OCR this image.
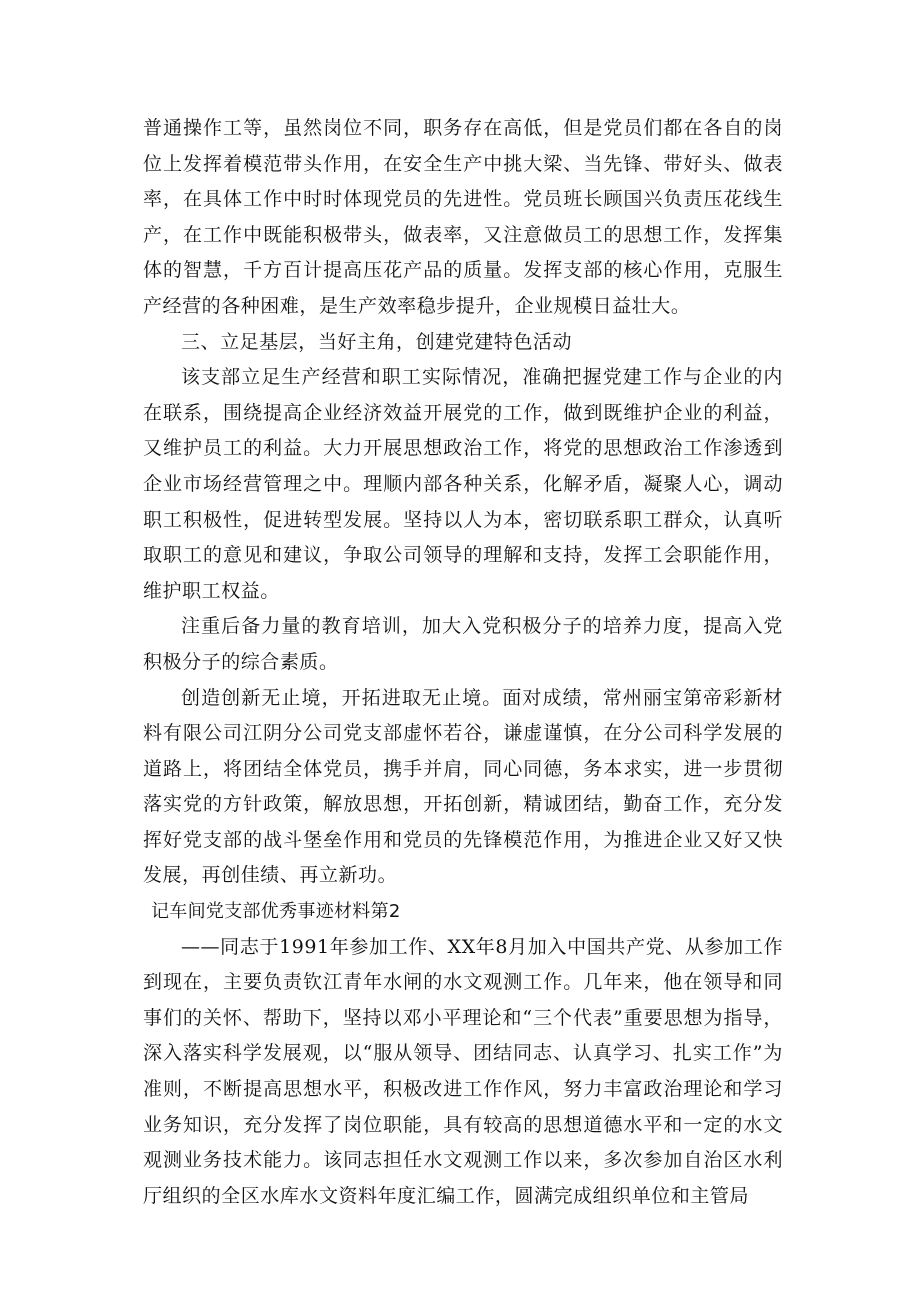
普通操作工等，虽然岗位不同，职务存在高低，但是党员们都在各自的岗位上发挥着模范带头作用，在安全生产中挑大梁、当先锋、带好头、做表率，在具体工作中时时体现党员的先进性。党员班长顾国兴负责压花线生产，在工作中既能积极带头，做表率，又注意做员工的思想工作，发挥集体的智慧，千方百计提高压花产品的质量。发挥支部的核心作用，克服生产经营的各种困难，是生产效率稳步提升，企业规模日益壮大。

三、立足基层，当好主角，创建党建特色活动

该支部立足生产经营和职工实际情况，准确把握党建工作与企业的内在联系，围绕提高企业经济效益开展党的工作，做到既维护企业的利益，又维护员工的利益。大力开展思想政治工作，将党的思想政治工作渗透到企业市场经营管理之中。理顺内部各种关系，化解矛盾，凝聚人心，调动职工积极性，促进转型发展。坚持以人为本，密切联系职工群众，认真听取职工的意见和建议，争取公司领导的理解和支持，发挥工会职能作用，维护职工权益。

注重后备力量的教育培训，加大入党积极分子的培养力度，提高入党积极分子的综合素质。

创造创新无止境，开拓进取无止境。面对成绩，常州丽宝第帝彩新材料有限公司江阴分公司党支部虚怀若谷，谦虚谨慎，在分公司科学发展的道路上，将团结全体党员，携手并肩，同心同德，务本求实，进一步贯彻落实党的方针政策，解放思想，开拓创新，精诚团结，勤奋工作，充分发挥好党支部的战斗堡垒作用和党员的先锋模范作用，为推进企业又好又快发展，再创佳绩、再立新功。

记车间党支部优秀事迹材料第2

——同志于1991年参加工作、XX年8月加入中国共产党、从参加工作到现在，主要负责钦江青年水闸的水文观测工作。几年来，他在领导和同事们的关怀、帮助下，坚持以邓小平理论和“三个代表”重要思想为指导，深入落实科学发展观，以“服从领导、团结同志、认真学习、扎实工作”为准则，不断提高思想水平，积极改进工作作风，努力丰富政治理论和学习业务知识，充分发挥了岗位职能，具有较高的思想道德水平和一定的水文观测业务技术能力。该同志担任水文观测工作以来，多次参加自治区水利厅组织的全区水库水文资料年度汇编工作，圆满完成组织单位和主管局
